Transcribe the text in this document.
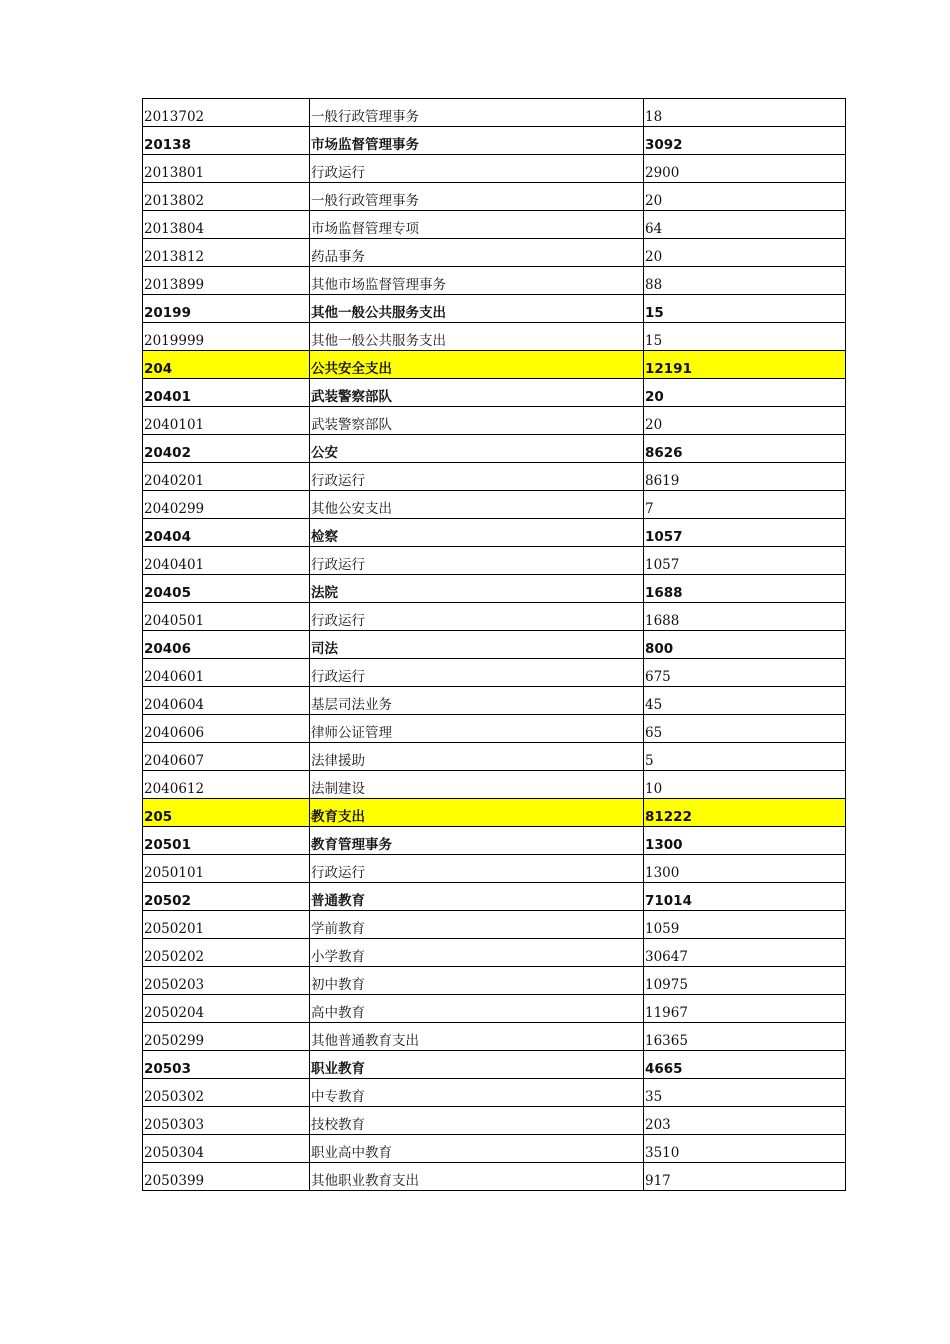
2013702	一般行政管理事务	18
20138	市场监督管理事务	3092
2013801	行政运行	2900
2013802	一般行政管理事务	20
2013804	市场监督管理专项	64
2013812	药品事务	20
2013899	其他市场监督管理事务	88
20199	其他一般公共服务支出	15
2019999	其他一般公共服务支出	15
204	公共安全支出	12191
20401	武装警察部队	20
2040101	武装警察部队	20
20402	公安	8626
2040201	行政运行	8619
2040299	其他公安支出	7
20404	检察	1057
2040401	行政运行	1057
20405	法院	1688
2040501	行政运行	1688
20406	司法	800
2040601	行政运行	675
2040604	基层司法业务	45
2040606	律师公证管理	65
2040607	法律援助	5
2040612	法制建设	10
205	教育支出	81222
20501	教育管理事务	1300
2050101	行政运行	1300
20502	普通教育	71014
2050201	学前教育	1059
2050202	小学教育	30647
2050203	初中教育	10975
2050204	高中教育	11967
2050299	其他普通教育支出	16365
20503	职业教育	4665
2050302	中专教育	35
2050303	技校教育	203
2050304	职业高中教育	3510
2050399	其他职业教育支出	917
